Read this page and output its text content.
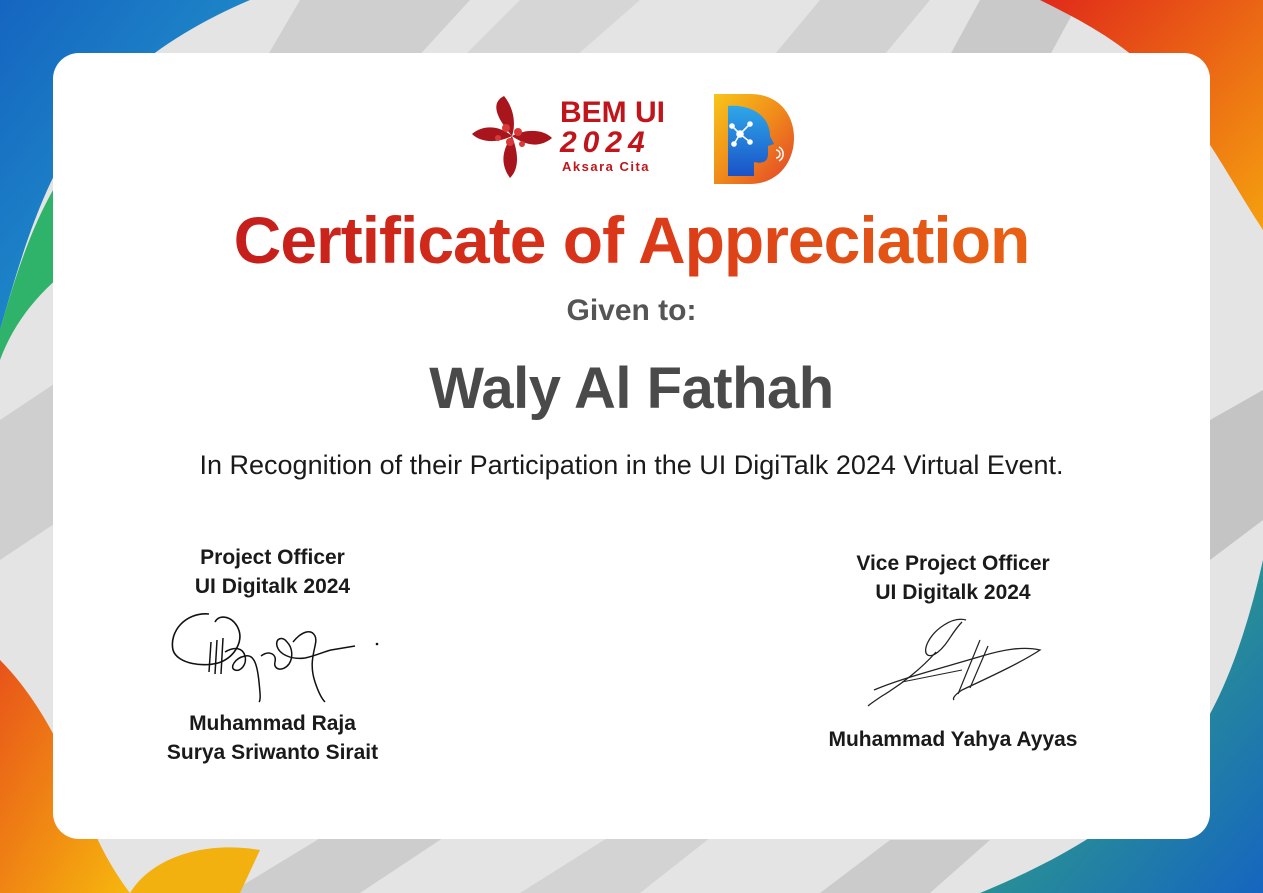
BEM UI
2024
Aksara Cita
Certificate of Appreciation
Given to:
Waly Al Fathah
In Recognition of their Participation in the UI DigiTalk 2024 Virtual Event.
Project Officer
UI Digitalk 2024
Muhammad Raja
Surya Sriwanto Sirait
Vice Project Officer
UI Digitalk 2024
Muhammad Yahya Ayyas
